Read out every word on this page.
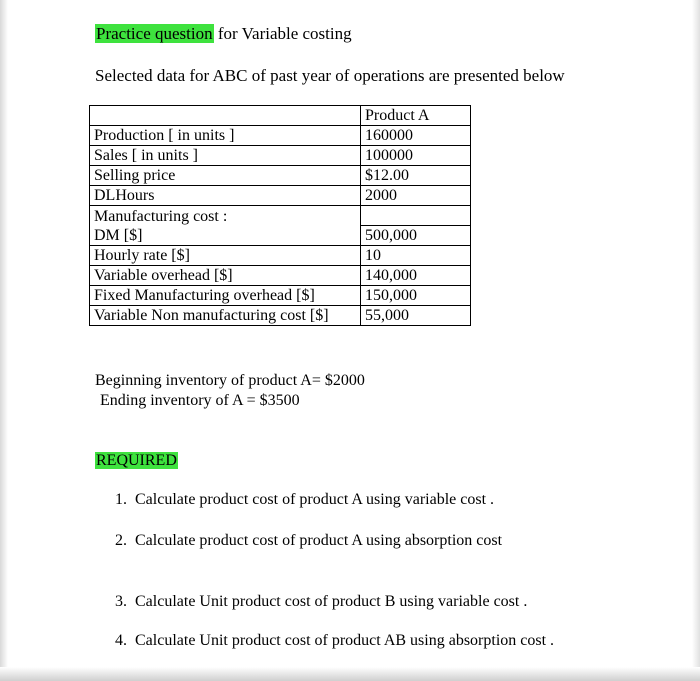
Practice question for Variable costing
Selected data for ABC of past year of operations are presented below
	Product A
Production [ in units ]	160000
Sales [ in units ]	100000
Selling price	$12.00
DLHours	2000
Manufacturing cost :	
DM [$]	500,000
Hourly rate [$]	10
Variable overhead [$]	140,000
Fixed Manufacturing overhead [$]	150,000
Variable Non manufacturing cost [$]	55,000
Beginning inventory of product A= $2000
Ending inventory of A = $3500
REQUIRED
1. Calculate product cost of product A using variable cost .
2. Calculate product cost of product A using absorption cost
3. Calculate Unit product cost of product B using variable cost .
4. Calculate Unit product cost of product AB using absorption cost .
